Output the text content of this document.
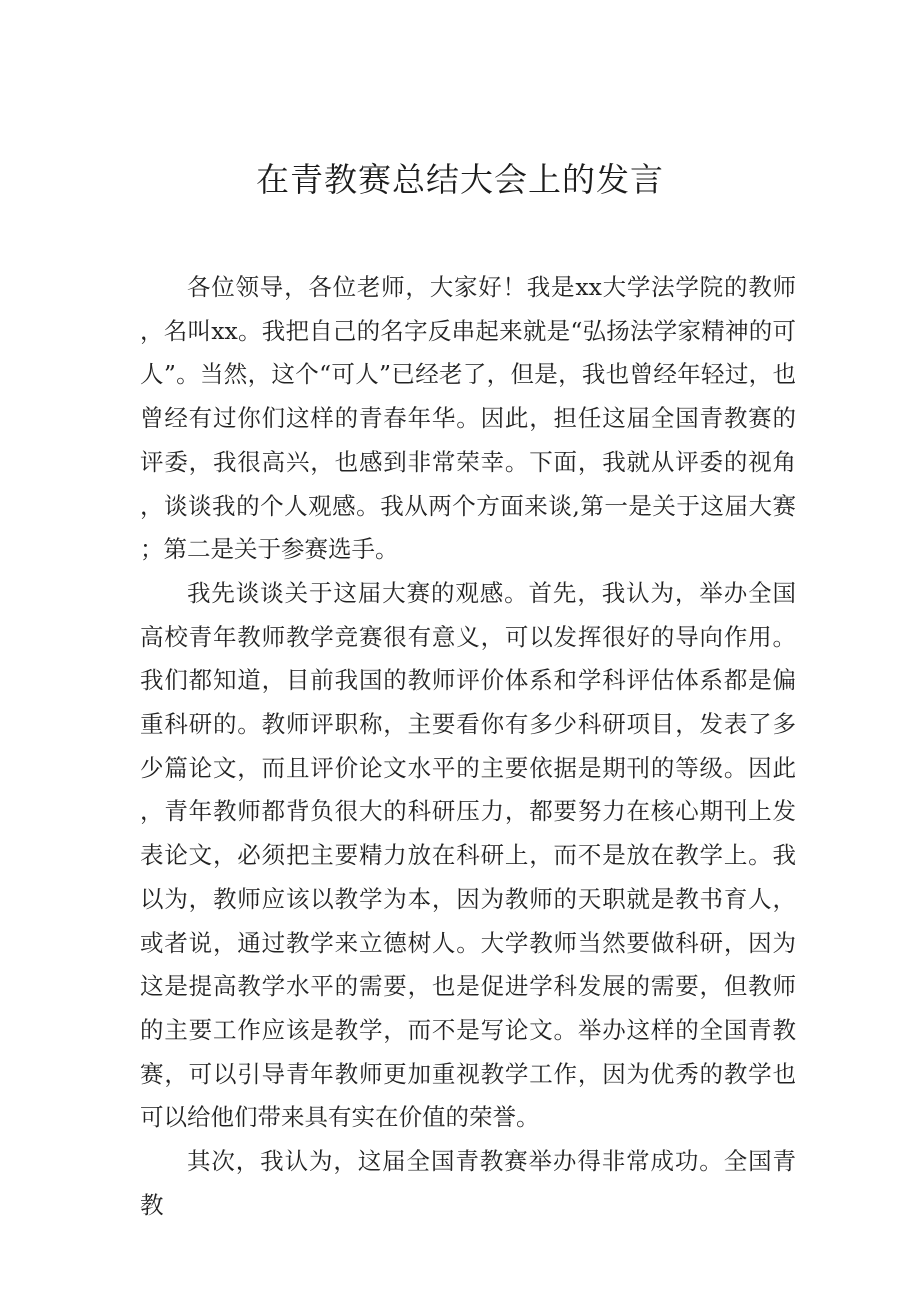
在青教赛总结大会上的发言

各位领导，各位老师，大家好！我是xx大学法学院的教师，名叫xx。我把自己的名字反串起来就是“弘扬法学家精神的可人”。当然，这个“可人”已经老了，但是，我也曾经年轻过，也曾经有过你们这样的青春年华。因此，担任这届全国青教赛的评委，我很高兴，也感到非常荣幸。下面，我就从评委的视角，谈谈我的个人观感。我从两个方面来谈,第一是关于这届大赛；第二是关于参赛选手。

我先谈谈关于这届大赛的观感。首先，我认为，举办全国高校青年教师教学竞赛很有意义，可以发挥很好的导向作用。我们都知道，目前我国的教师评价体系和学科评估体系都是偏重科研的。教师评职称，主要看你有多少科研项目，发表了多少篇论文，而且评价论文水平的主要依据是期刊的等级。因此，青年教师都背负很大的科研压力，都要努力在核心期刊上发表论文，必须把主要精力放在科研上，而不是放在教学上。我以为，教师应该以教学为本，因为教师的天职就是教书育人，或者说，通过教学来立德树人。大学教师当然要做科研，因为这是提高教学水平的需要，也是促进学科发展的需要，但教师的主要工作应该是教学，而不是写论文。举办这样的全国青教赛，可以引导青年教师更加重视教学工作，因为优秀的教学也可以给他们带来具有实在价值的荣誉。

其次，我认为，这届全国青教赛举办得非常成功。全国青教
